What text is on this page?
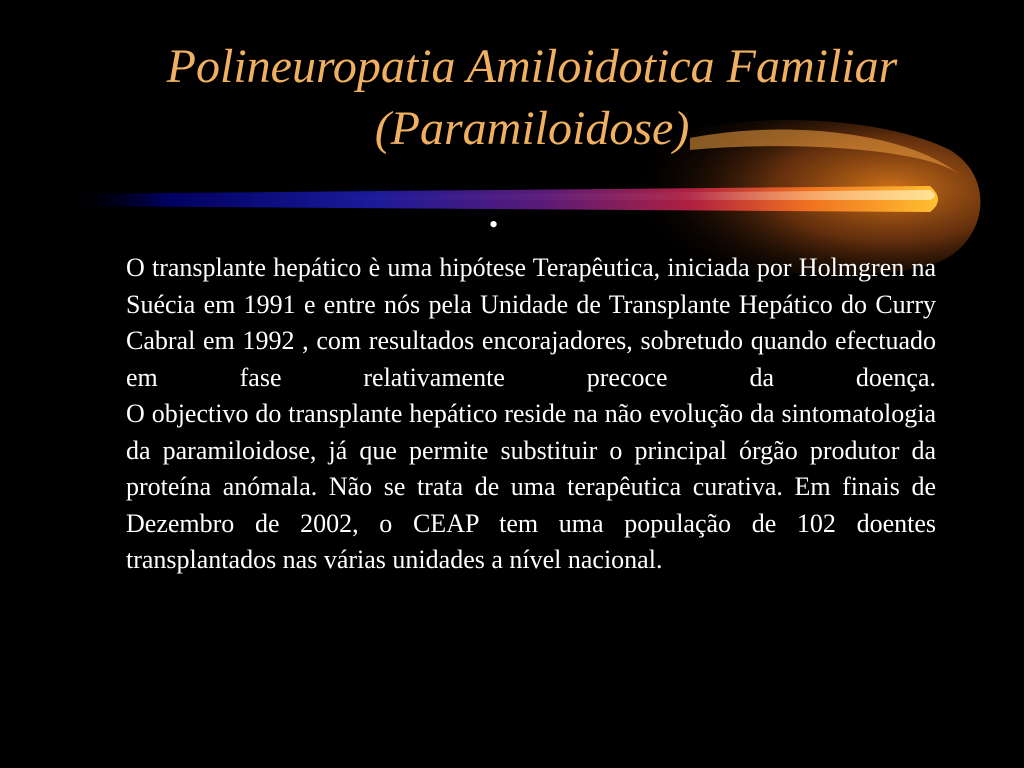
Polineuropatia Amiloidotica Familiar
(Paramiloidose)
•

O transplante hepático è uma hipótese Terapêutica, iniciada por Holmgren na Suécia em 1991 e entre nós pela Unidade de Transplante Hepático do Curry Cabral em 1992 , com resultados encorajadores, sobretudo quando efectuado em fase relativamente precoce da doença.

O objectivo do transplante hepático reside na não evolução da sintomatologia da paramiloidose, já que permite substituir o principal órgão produtor da proteína anómala. Não se trata de uma terapêutica curativa. Em finais de Dezembro de 2002, o CEAP tem uma população de 102 doentes transplantados nas várias unidades a nível nacional.
